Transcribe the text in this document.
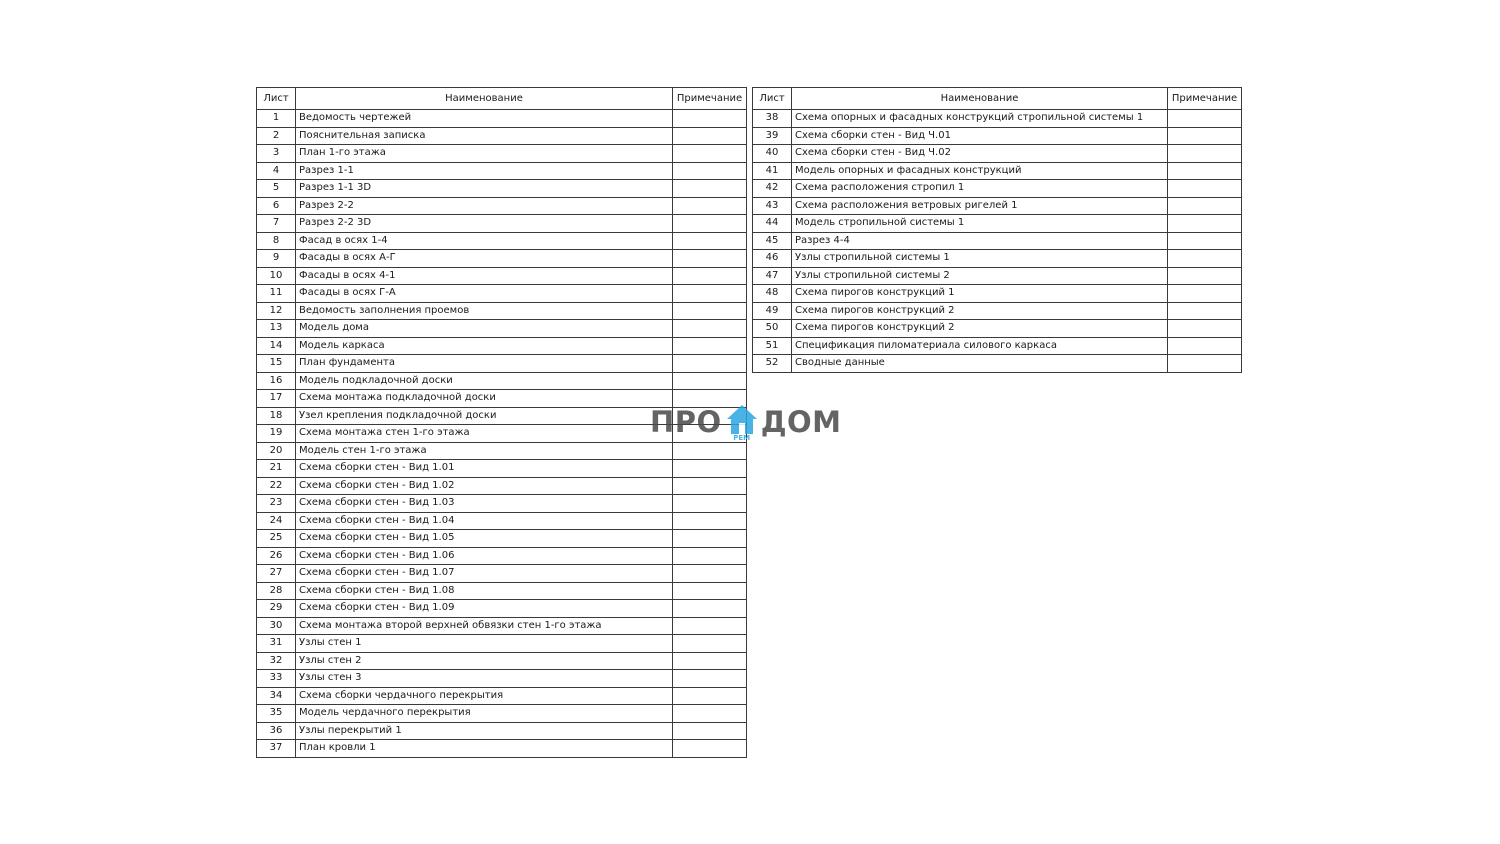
Лист	Наименование	Примечание
1	Ведомость чертежей	
2	Пояснительная записка	
3	План 1-го этажа	
4	Разрез 1-1	
5	Разрез 1-1 3D	
6	Разрез 2-2	
7	Разрез 2-2 3D	
8	Фасад в осях 1-4	
9	Фасады в осях А-Г	
10	Фасады в осях 4-1	
11	Фасады в осях Г-А	
12	Ведомость заполнения проемов	
13	Модель дома	
14	Модель каркаса	
15	План фундамента	
16	Модель подкладочной доски	
17	Схема монтажа подкладочной доски	
18	Узел крепления подкладочной доски	
19	Схема монтажа стен 1-го этажа	
20	Модель стен 1-го этажа	
21	Схема сборки стен - Вид 1.01	
22	Схема сборки стен - Вид 1.02	
23	Схема сборки стен - Вид 1.03	
24	Схема сборки стен - Вид 1.04	
25	Схема сборки стен - Вид 1.05	
26	Схема сборки стен - Вид 1.06	
27	Схема сборки стен - Вид 1.07	
28	Схема сборки стен - Вид 1.08	
29	Схема сборки стен - Вид 1.09	
30	Схема монтажа второй верхней обвязки стен 1-го этажа	
31	Узлы стен 1	
32	Узлы стен 2	
33	Узлы стен 3	
34	Схема сборки чердачного перекрытия	
35	Модель чердачного перекрытия	
36	Узлы перекрытий 1	
37	План кровли 1	
Лист	Наименование	Примечание
38	Схема опорных и фасадных конструкций стропильной системы 1	
39	Схема сборки стен - Вид Ч.01	
40	Схема сборки стен - Вид Ч.02	
41	Модель опорных и фасадных конструкций	
42	Схема расположения стропил 1	
43	Схема расположения ветровых ригелей 1	
44	Модель стропильной системы 1	
45	Разрез 4-4	
46	Узлы стропильной системы 1	
47	Узлы стропильной системы 2	
48	Схема пирогов конструкций 1	
49	Схема пирогов конструкций 2	
50	Схема пирогов конструкций 2	
51	Спецификация пиломатериала силового каркаса	
52	Сводные данные	
ПРО	РЕМ ДОМ
